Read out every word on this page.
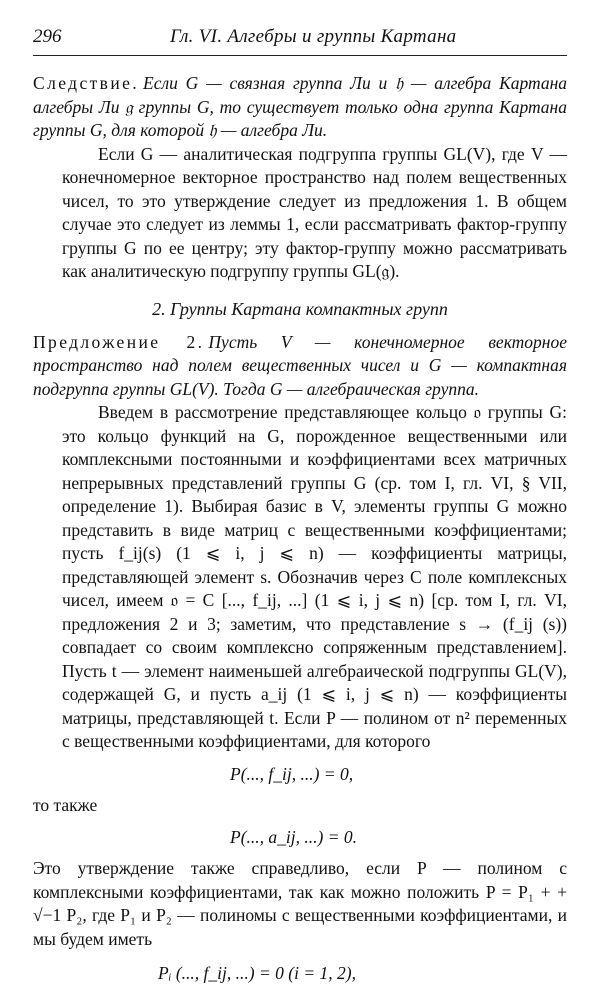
296	Гл. VI. Алгебры и группы Картана

Следствие. Если G — связная группа Ли и 𝔥 — алгебра Картана алгебры Ли 𝔤 группы G, то существует только одна группа Картана группы G, для которой 𝔥 — алгебра Ли.

Если G — аналитическая подгруппа группы GL(V), где V — конечномерное векторное пространство над полем вещественных чисел, то это утверждение следует из предложения 1. В общем случае это следует из леммы 1, если рассматривать фактор-группу группы G по ее центру; эту фактор-группу можно рассматривать как аналитическую подгруппу группы GL(𝔤).

2. Группы Картана компактных групп

Предложение 2. Пусть V — конечномерное векторное пространство над полем вещественных чисел и G — компактная подгруппа группы GL(V). Тогда G — алгебраическая группа.

Введем в рассмотрение представляющее кольцо 𝔬 группы G: это кольцо функций на G, порожденное вещественными или комплексными постоянными и коэффициентами всех матричных непрерывных представлений группы G (ср. том I, гл. VI, § VII, определение 1). Выбирая базис в V, элементы группы G можно представить в виде матриц с вещественными коэффициентами; пусть f_ij(s) (1 ⩽ i, j ⩽ n) — коэффициенты матрицы, представляющей элемент s. Обозначив через C поле комплексных чисел, имеем 𝔬 = C [..., f_ij, ...] (1 ⩽ i, j ⩽ n) [ср. том I, гл. VI, предложения 2 и 3; заметим, что представление s → (f_ij (s)) совпадает со своим комплексно сопряженным представлением]. Пусть t — элемент наименьшей алгебраической подгруппы GL(V), содержащей G, и пусть a_ij (1 ⩽ i, j ⩽ n) — коэффициенты матрицы, представляющей t. Если P — полином от n² переменных с вещественными коэффициентами, для которого

P(..., f_ij, ...) = 0,

то также

P(..., a_ij, ...) = 0.

Это утверждение также справедливо, если P — полином с комплексными коэффициентами, так как можно положить P = P₁ + + √−1 P₂, где P₁ и P₂ — полиномы с вещественными коэффициентами, и мы будем иметь

Pᵢ (..., f_ij, ...) = 0 (i = 1, 2),
